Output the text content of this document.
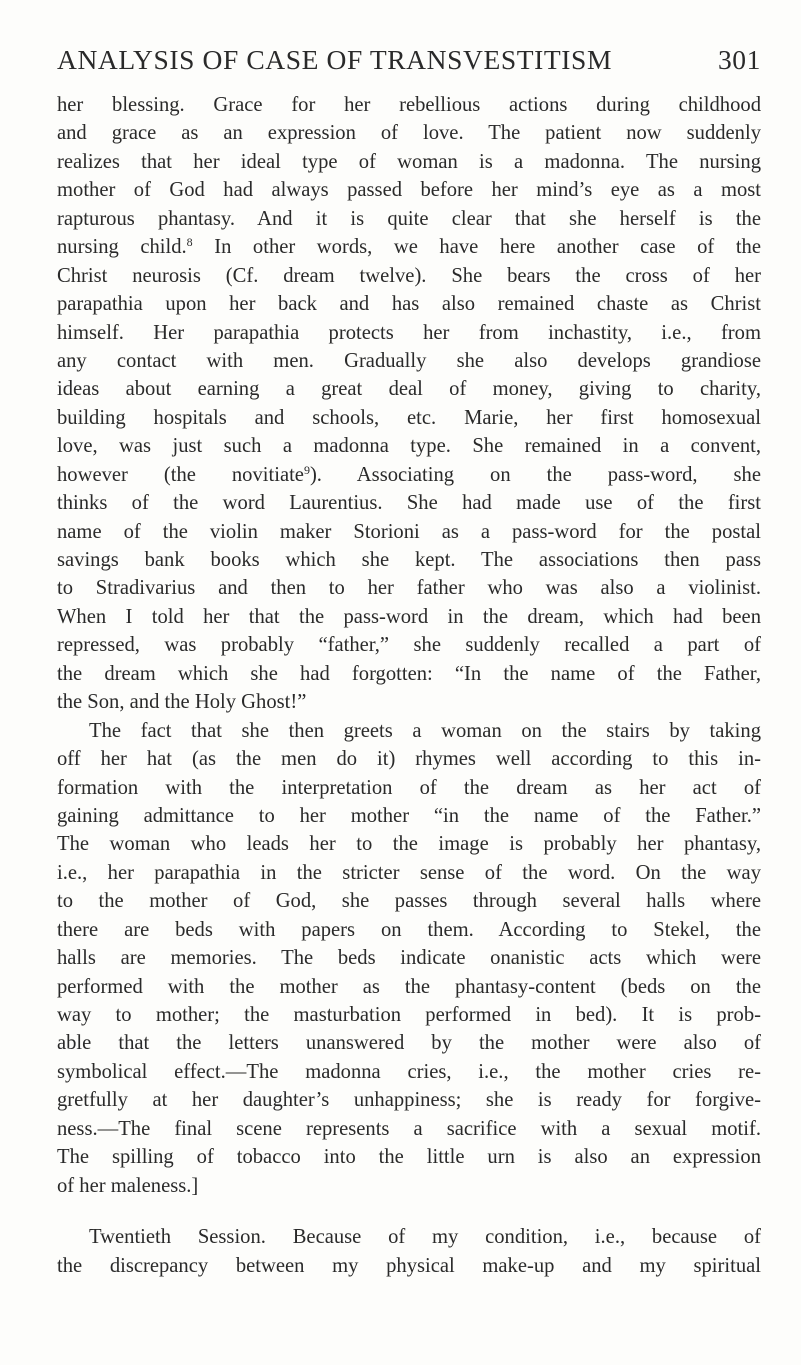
ANALYSIS OF CASE OF TRANSVESTITISM	301
her blessing. Grace for her rebellious actions during childhood
and grace as an expression of love. The patient now suddenly
realizes that her ideal type of woman is a madonna. The nursing
mother of God had always passed before her mind’s eye as a most
rapturous phantasy. And it is quite clear that she herself is the
nursing child.$^8$ In other words, we have here another case of the
Christ neurosis (Cf. dream twelve). She bears the cross of her
parapathia upon her back and has also remained chaste as Christ
himself. Her parapathia protects her from inchastity, i.e., from
any contact with men. Gradually she also develops grandiose
ideas about earning a great deal of money, giving to charity,
building hospitals and schools, etc. Marie, her first homosexual
love, was just such a madonna type. She remained in a convent,
however (the novitiate$^9$). Associating on the pass-word, she
thinks of the word Laurentius. She had made use of the first
name of the violin maker Storioni as a pass-word for the postal
savings bank books which she kept. The associations then pass
to Stradivarius and then to her father who was also a violinist.
When I told her that the pass-word in the dream, which had been
repressed, was probably “father,” she suddenly recalled a part of
the dream which she had forgotten: “In the name of the Father,
the Son, and the Holy Ghost!”
The fact that she then greets a woman on the stairs by taking
off her hat (as the men do it) rhymes well according to this in-
formation with the interpretation of the dream as her act of
gaining admittance to her mother “in the name of the Father.”
The woman who leads her to the image is probably her phantasy,
i.e., her parapathia in the stricter sense of the word. On the way
to the mother of God, she passes through several halls where
there are beds with papers on them. According to Stekel, the
halls are memories. The beds indicate onanistic acts which were
performed with the mother as the phantasy-content (beds on the
way to mother; the masturbation performed in bed). It is prob-
able that the letters unanswered by the mother were also of
symbolical effect.—The madonna cries, i.e., the mother cries re-
gretfully at her daughter’s unhappiness; she is ready for forgive-
ness.—The final scene represents a sacrifice with a sexual motif.
The spilling of tobacco into the little urn is also an expression
of her maleness.]
Twentieth Session. Because of my condition, i.e., because of
the discrepancy between my physical make-up and my spiritual
